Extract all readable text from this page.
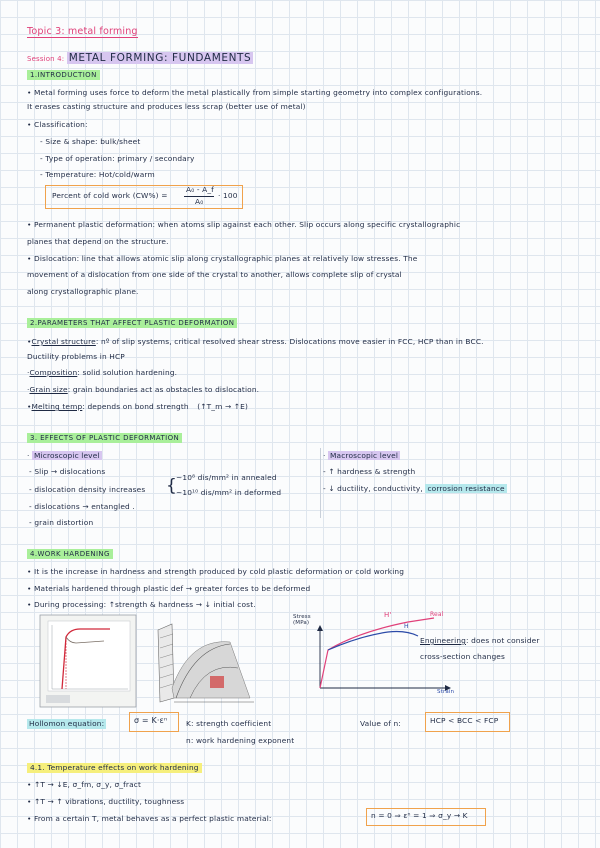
Topic 3: metal forming
Session 4: METAL FORMING: FUNDAMENTS
1.INTRODUCTION
• Metal forming uses force to deform the metal plastically from simple starting geometry into complex configurations.
It erases casting structure and produces less scrap (better use of metal)
• Classification:
- Size & shape: bulk/sheet
- Type of operation: primary / secondary
- Temperature: Hot/cold/warm
Percent of cold work (CW%) =
A₀ - A_f
A₀
· 100
• Permanent plastic deformation: when atoms slip against each other. Slip occurs along specific crystallographic
planes that depend on the structure.
• Dislocation: line that allows atomic slip along crystallographic planes at relatively low stresses. The
movement of a dislocation from one side of the crystal to another, allows complete slip of crystal
along crystallographic plane.
2.PARAMETERS THAT AFFECT PLASTIC DEFORMATION
•Crystal structure: nº of slip systems, critical resolved shear stress. Dislocations move easier in FCC, HCP than in BCC.
Ductility problems in HCP
·Composition: solid solution hardening.
·Grain size: grain boundaries act as obstacles to dislocation.
•Melting temp: depends on bond strength (↑T_m → ↑E)
3. EFFECTS OF PLASTIC DEFORMATION
· Microscopic level
- Slip → dislocations
- dislocation density increases { ~10⁸ dis/mm² in annealed
~10¹⁰ dis/mm² in deformed
- dislocations → entangled .
- grain distortion
· Macroscopic level
- ↑ hardness & strength
- ↓ ductility, conductivity, corrosion resistance
4.WORK HARDENING
• It is the increase in hardness and strength produced by cold plastic deformation or cold working
• Materials hardened through plastic def → greater forces to be deformed
• During processing: ↑strength & hardness → ↓ initial cost.
Stress (MPa)
Strain
Real
H'
H
Engineering: does not consider
cross-section changes
Hollomon equation:	σ = K·εⁿ	K: strength coefficient
n: work hardening exponent
Value of n:	HCP < BCC < FCP
4.1. Temperature effects on work hardening
• ↑T → ↓E, σ_fm, σ_y, σ_fract
• ↑T → ↑ vibrations, ductility, toughness
• From a certain T, metal behaves as a perfect plastic material:	n = 0 ⇒ εⁿ = 1 ⇒ σ_y → K
